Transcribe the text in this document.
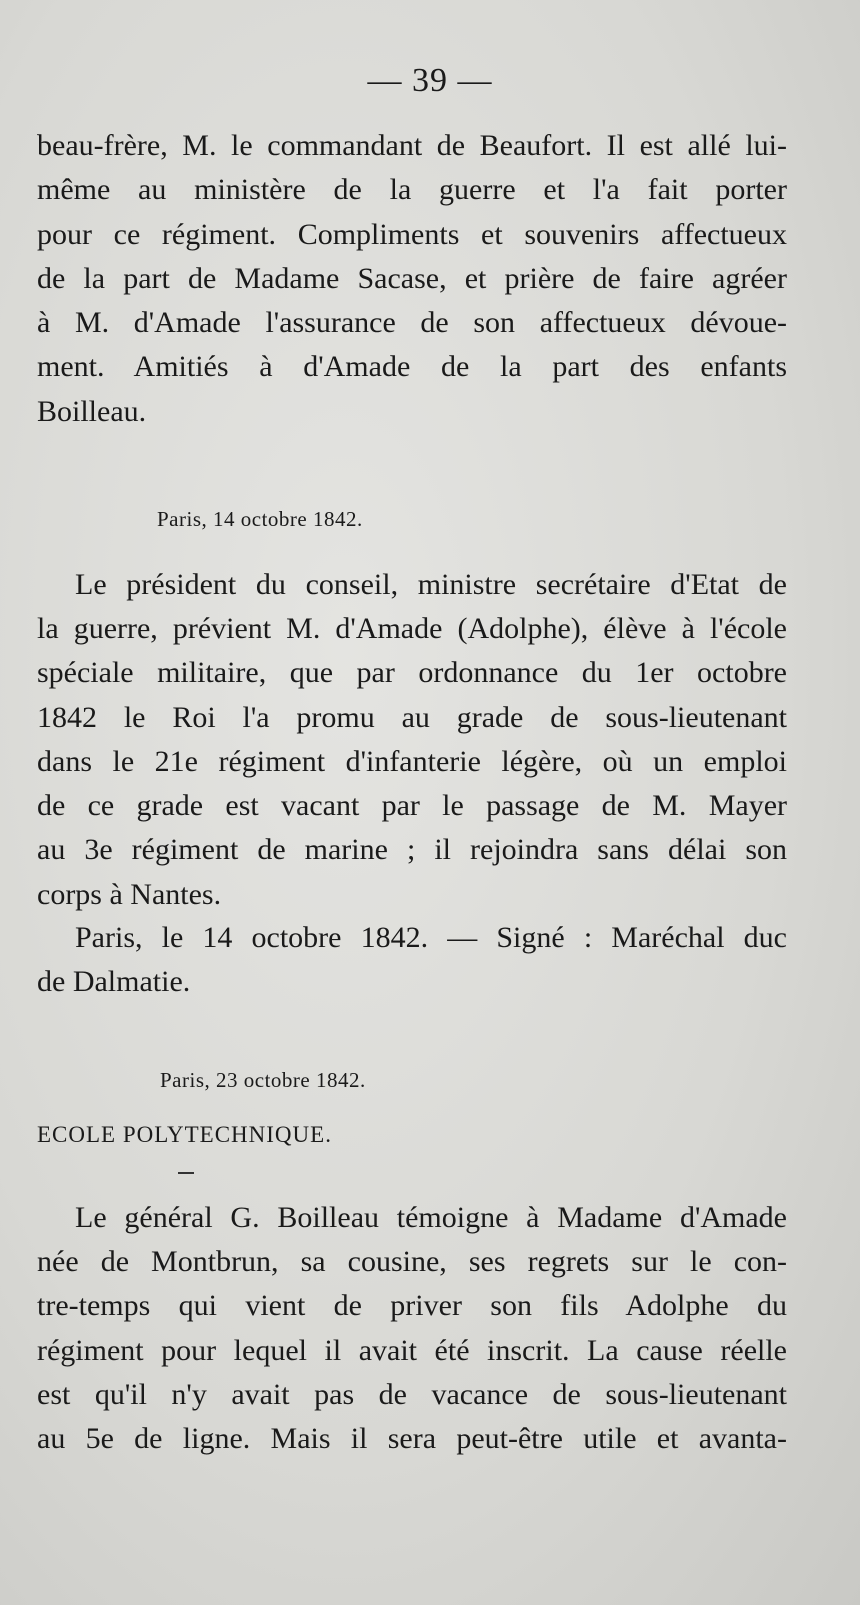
— 39 —
beau-frère, M. le commandant de Beaufort. Il est allé lui-
même au ministère de la guerre et l'a fait porter
pour ce régiment. Compliments et souvenirs affectueux
de la part de Madame Sacase, et prière de faire agréer
à M. d'Amade l'assurance de son affectueux dévoue-
ment. Amitiés à d'Amade de la part des enfants
Boilleau.
Paris, 14 octobre 1842.
Le président du conseil, ministre secrétaire d'Etat de
la guerre, prévient M. d'Amade (Adolphe), élève à l'école
spéciale militaire, que par ordonnance du 1er octobre
1842 le Roi l'a promu au grade de sous-lieutenant
dans le 21e régiment d'infanterie légère, où un emploi
de ce grade est vacant par le passage de M. Mayer
au 3e régiment de marine ; il rejoindra sans délai son
corps à Nantes.
Paris, le 14 octobre 1842. — Signé : Maréchal duc
de Dalmatie.
Paris, 23 octobre 1842.
ECOLE POLYTECHNIQUE.
Le général G. Boilleau témoigne à Madame d'Amade
née de Montbrun, sa cousine, ses regrets sur le con-
tre-temps qui vient de priver son fils Adolphe du
régiment pour lequel il avait été inscrit. La cause réelle
est qu'il n'y avait pas de vacance de sous-lieutenant
au 5e de ligne. Mais il sera peut-être utile et avanta-
